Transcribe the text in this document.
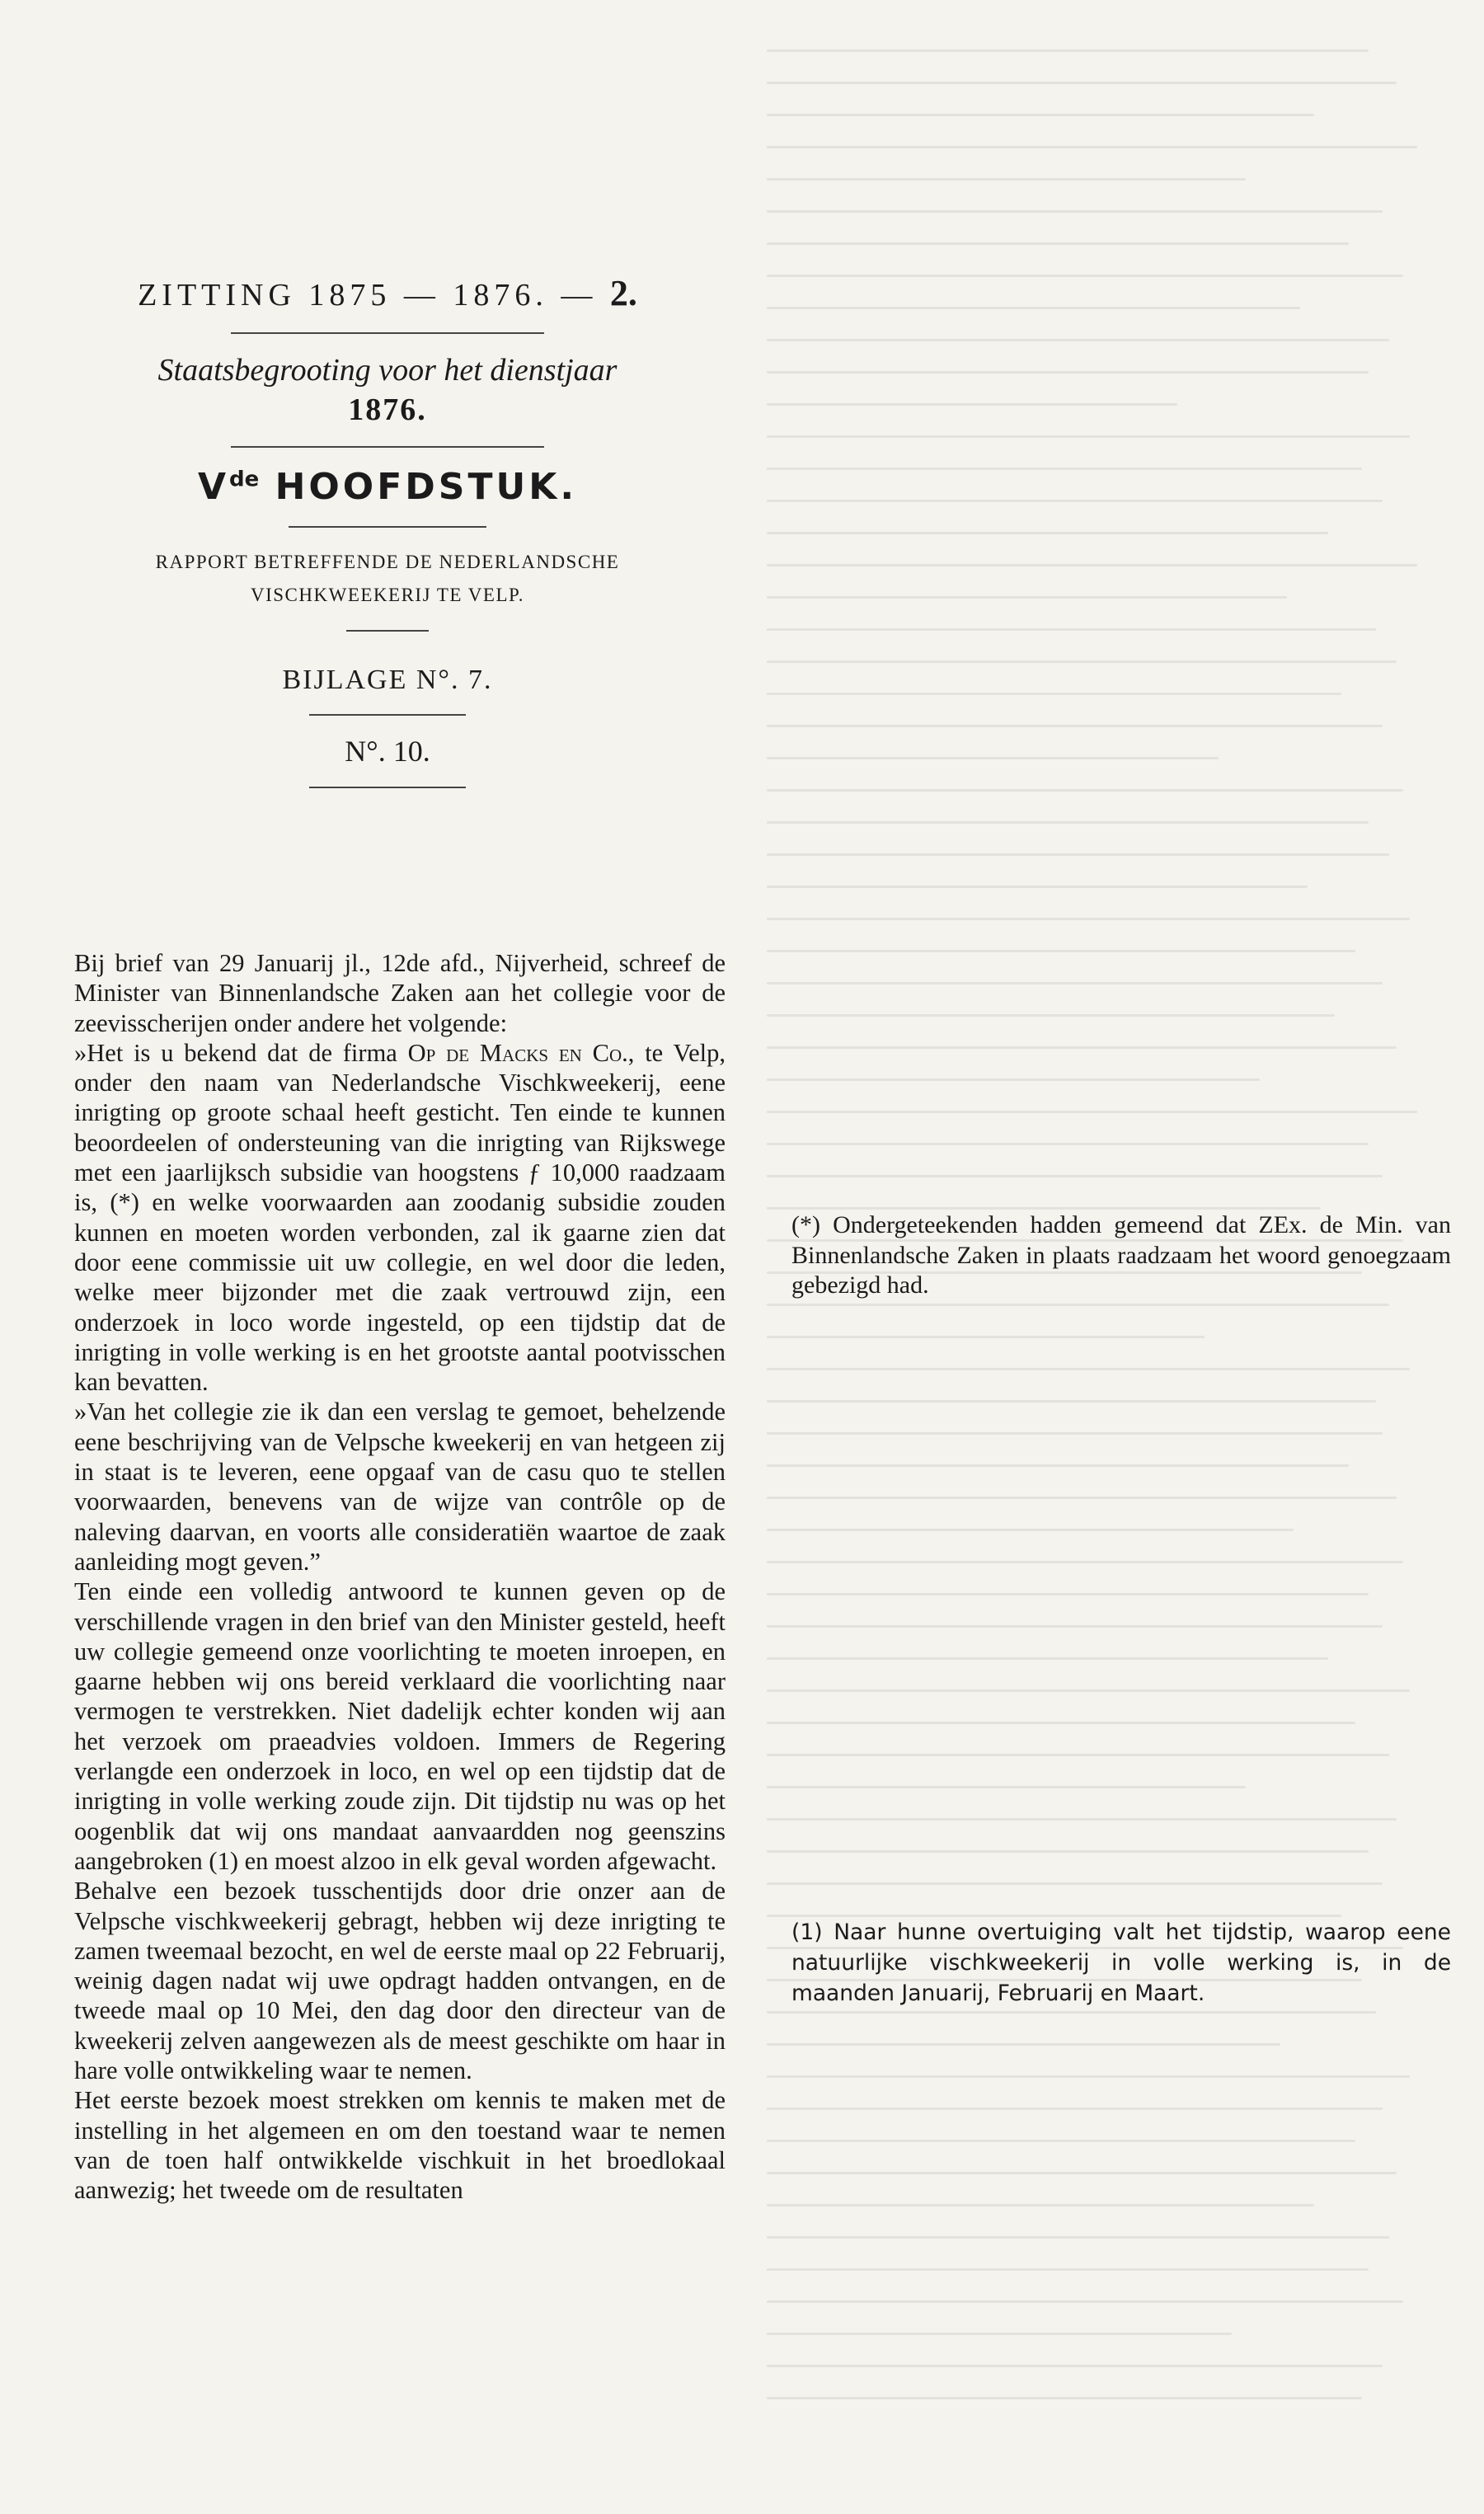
ZITTING 1875 — 1876. — 2.

Staatsbegrooting voor het dienstjaar

1876.

Vde HOOFDSTUK.

RAPPORT BETREFFENDE DE NEDERLANDSCHE
VISCHKWEEKERIJ TE VELP.

BIJLAGE N°. 7.

N°. 10.

Bij brief van 29 Januarij jl., 12de afd., Nijverheid, schreef de Minister van Binnenlandsche Zaken aan het collegie voor de zeevisscherijen onder andere het volgende:

»Het is u bekend dat de firma Op de Macks en Co., te Velp, onder den naam van Nederlandsche Vischkweekerij, eene inrigting op groote schaal heeft gesticht. Ten einde te kunnen beoordeelen of ondersteuning van die inrigting van Rijkswege met een jaarlijksch subsidie van hoogstens ƒ 10,000 raadzaam is, (*) en welke voorwaarden aan zoodanig subsidie zouden kunnen en moeten worden verbonden, zal ik gaarne zien dat door eene commissie uit uw collegie, en wel door die leden, welke meer bijzonder met die zaak vertrouwd zijn, een onderzoek in loco worde ingesteld, op een tijdstip dat de inrigting in volle werking is en het grootste aantal pootvisschen kan bevatten.

»Van het collegie zie ik dan een verslag te gemoet, behelzende eene beschrijving van de Velpsche kweekerij en van hetgeen zij in staat is te leveren, eene opgaaf van de casu quo te stellen voorwaarden, benevens van de wijze van contrôle op de naleving daarvan, en voorts alle consideratiën waartoe de zaak aanleiding mogt geven.”

Ten einde een volledig antwoord te kunnen geven op de verschillende vragen in den brief van den Minister gesteld, heeft uw collegie gemeend onze voorlichting te moeten inroepen, en gaarne hebben wij ons bereid verklaard die voorlichting naar vermogen te verstrekken. Niet dadelijk echter konden wij aan het verzoek om praeadvies voldoen. Immers de Regering verlangde een onderzoek in loco, en wel op een tijdstip dat de inrigting in volle werking zoude zijn. Dit tijdstip nu was op het oogenblik dat wij ons mandaat aanvaardden nog geenszins aangebroken (1) en moest alzoo in elk geval worden afgewacht.

Behalve een bezoek tusschentijds door drie onzer aan de Velpsche vischkweekerij gebragt, hebben wij deze inrigting te zamen tweemaal bezocht, en wel de eerste maal op 22 Februarij, weinig dagen nadat wij uwe opdragt hadden ontvangen, en de tweede maal op 10 Mei, den dag door den directeur van de kweekerij zelven aangewezen als de meest geschikte om haar in hare volle ontwikkeling waar te nemen.

Het eerste bezoek moest strekken om kennis te maken met de instelling in het algemeen en om den toestand waar te nemen van de toen half ontwikkelde vischkuit in het broedlokaal aanwezig; het tweede om de resultaten

(*) Ondergeteekenden hadden gemeend dat ZEx. de Min. van Binnenlandsche Zaken in plaats raadzaam het woord genoegzaam gebezigd had.

(1) Naar hunne overtuiging valt het tijdstip, waarop eene natuurlijke vischkweekerij in volle werking is, in de maanden Januarij, Februarij en Maart.
